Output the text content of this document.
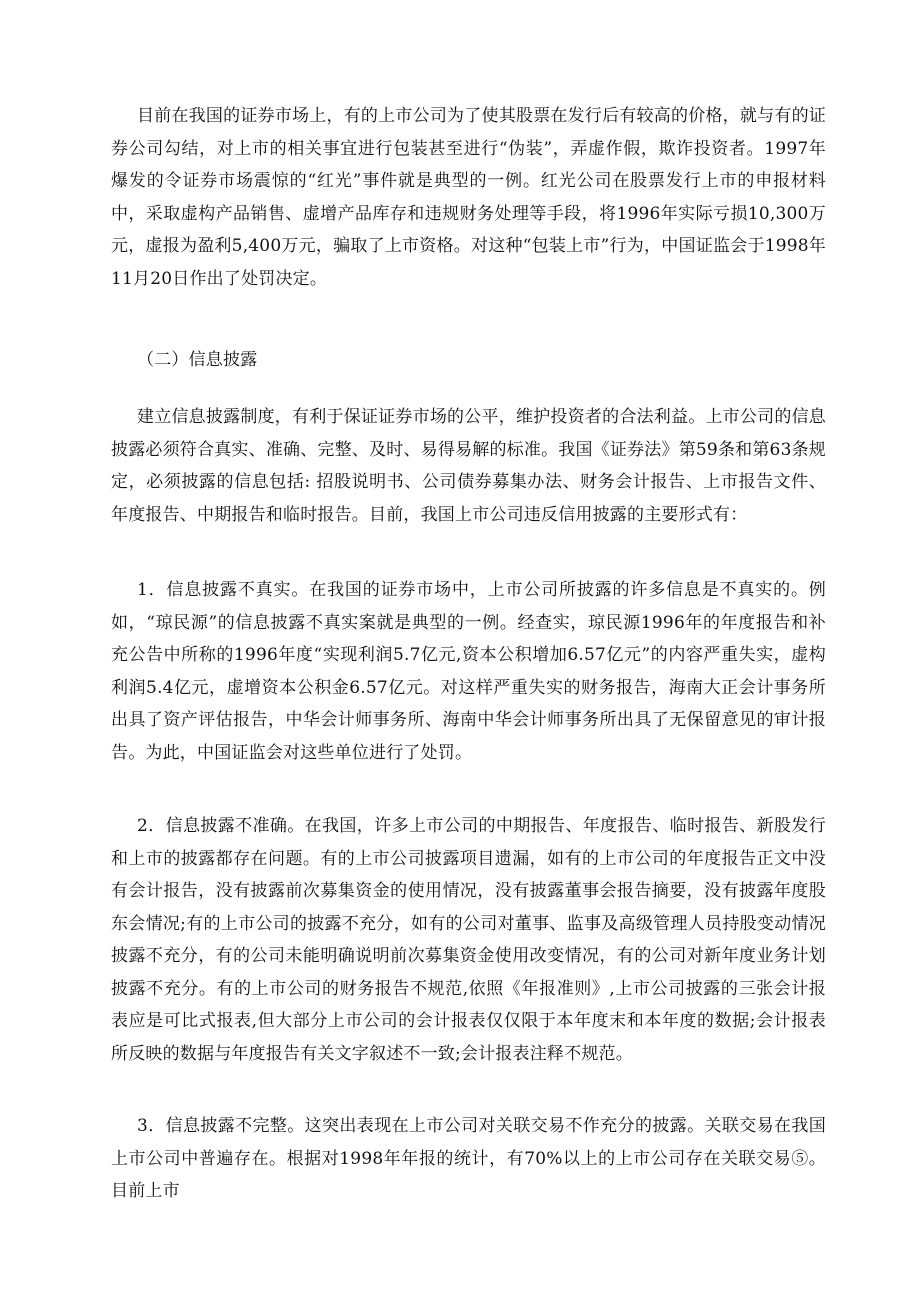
目前在我国的证券市场上，有的上市公司为了使其股票在发行后有较高的价格，就与有的证券公司勾结，对上市的相关事宜进行包装甚至进行“伪装”，弄虚作假，欺诈投资者。1997年爆发的令证券市场震惊的“红光”事件就是典型的一例。红光公司在股票发行上市的申报材料中，采取虚构产品销售、虚增产品库存和违规财务处理等手段，将1996年实际亏损10,300万元，虚报为盈利5,400万元，骗取了上市资格。对这种“包装上市”行为，中国证监会于1998年11月20日作出了处罚决定。

（二）信息披露

建立信息披露制度，有利于保证证券市场的公平，维护投资者的合法利益。上市公司的信息披露必须符合真实、准确、完整、及时、易得易解的标准。我国《证券法》第59条和第63条规定，必须披露的信息包括: 招股说明书、公司债券募集办法、财务会计报告、上市报告文件、年度报告、中期报告和临时报告。目前，我国上市公司违反信用披露的主要形式有：

1．信息披露不真实。在我国的证券市场中，上市公司所披露的许多信息是不真实的。例如，“琼民源”的信息披露不真实案就是典型的一例。经查实，琼民源1996年的年度报告和补充公告中所称的1996年度“实现利润5.7亿元,资本公积增加6.57亿元”的内容严重失实，虚构利润5.4亿元，虚增资本公积金6.57亿元。对这样严重失实的财务报告，海南大正会计事务所出具了资产评估报告，中华会计师事务所、海南中华会计师事务所出具了无保留意见的审计报告。为此，中国证监会对这些单位进行了处罚。

2．信息披露不准确。在我国，许多上市公司的中期报告、年度报告、临时报告、新股发行和上市的披露都存在问题。有的上市公司披露项目遗漏，如有的上市公司的年度报告正文中没有会计报告，没有披露前次募集资金的使用情况，没有披露董事会报告摘要，没有披露年度股东会情况;有的上市公司的披露不充分，如有的公司对董事、监事及高级管理人员持股变动情况披露不充分，有的公司未能明确说明前次募集资金使用改变情况，有的公司对新年度业务计划披露不充分。有的上市公司的财务报告不规范,依照《年报准则》,上市公司披露的三张会计报表应是可比式报表,但大部分上市公司的会计报表仅仅限于本年度末和本年度的数据;会计报表所反映的数据与年度报告有关文字叙述不一致;会计报表注释不规范。

3．信息披露不完整。这突出表现在上市公司对关联交易不作充分的披露。关联交易在我国上市公司中普遍存在。根据对1998年年报的统计，有70%以上的上市公司存在关联交易⑤。目前上市
